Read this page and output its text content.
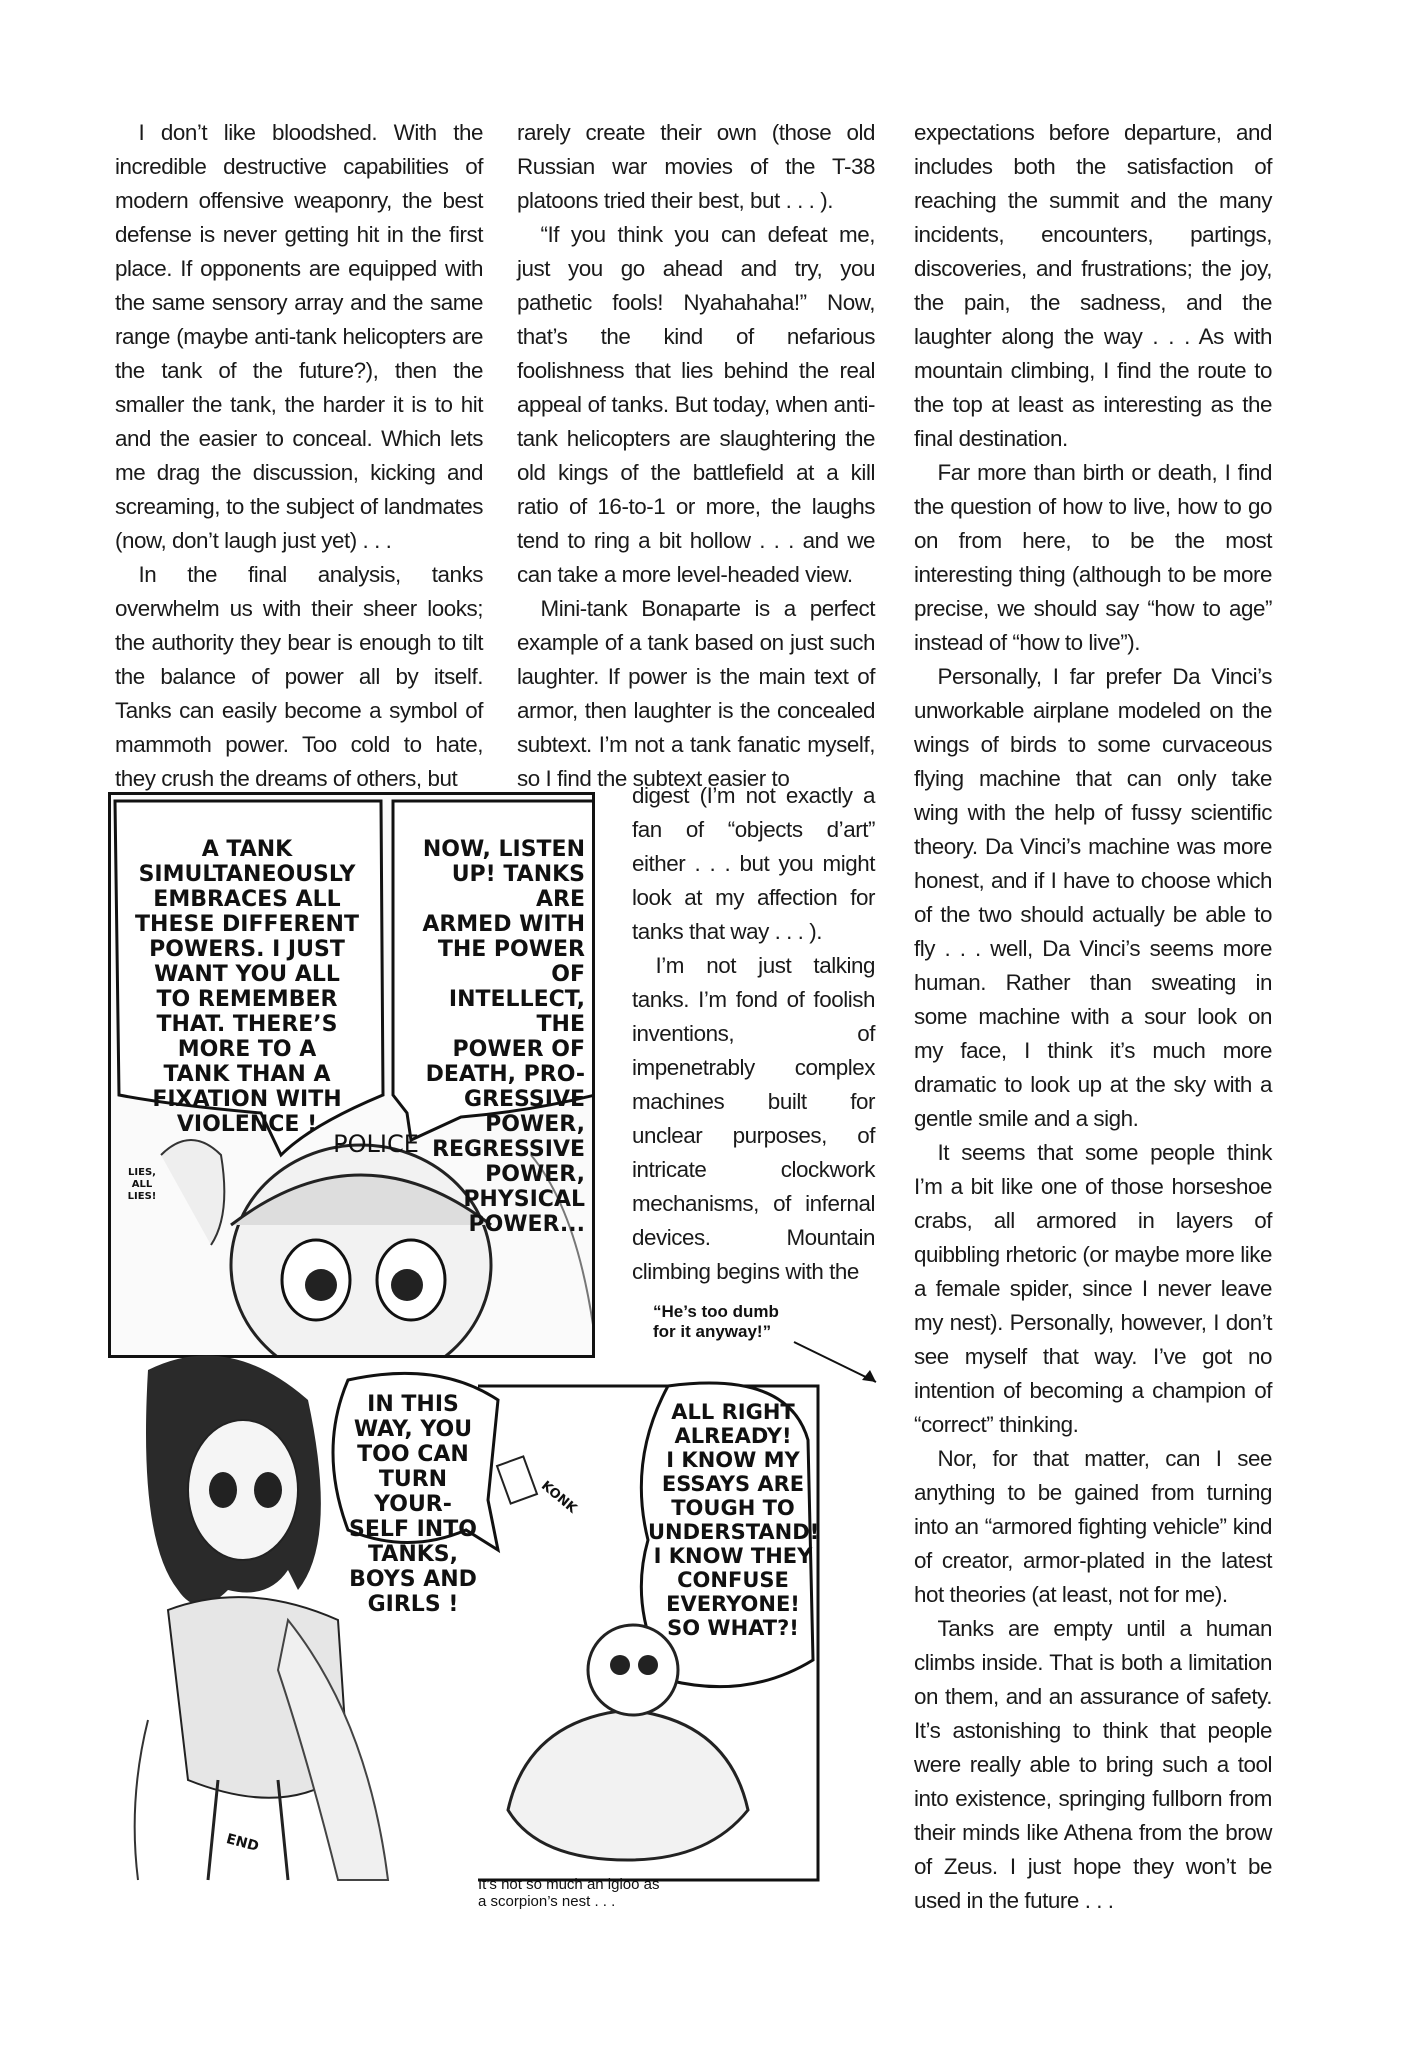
I don’t like bloodshed. With the incredible destructive capabilities of modern offensive weaponry, the best defense is never getting hit in the first place. If opponents are equipped with the same sensory array and the same range (maybe anti-tank helicopters are the tank of the future?), then the smaller the tank, the harder it is to hit and the easier to conceal. Which lets me drag the discussion, kicking and screaming, to the subject of landmates (now, don’t laugh just yet) . . .

In the final analysis, tanks overwhelm us with their sheer looks; the authority they bear is enough to tilt the balance of power all by itself. Tanks can easily become a symbol of mammoth power. Too cold to hate, they crush the dreams of others, but

rarely create their own (those old Russian war movies of the T-38 platoons tried their best, but . . . ).

“If you think you can defeat me, just you go ahead and try, you pathetic fools! Nyahahaha!” Now, that’s the kind of nefarious foolishness that lies behind the real appeal of tanks. But today, when anti-tank helicopters are slaughtering the old kings of the battlefield at a kill ratio of 16-to-1 or more, the laughs tend to ring a bit hollow . . . and we can take a more level-headed view.

Mini-tank Bonaparte is a perfect example of a tank based on just such laughter. If power is the main text of armor, then laughter is the concealed subtext. I’m not a tank fanatic myself, so I find the subtext easier to

digest (I’m not exactly a fan of “objects d’art” either . . . but you might look at my affection for tanks that way . . . ).

I’m not just talking tanks. I’m fond of foolish inventions, of impenetrably complex machines built for unclear purposes, of intricate clockwork mechanisms, of infernal devices. Mountain climbing begins with the

expectations before departure, and includes both the satisfaction of reaching the summit and the many incidents, encounters, partings, discoveries, and frustrations; the joy, the pain, the sadness, and the laughter along the way . . . As with mountain climbing, I find the route to the top at least as interesting as the final destination.

Far more than birth or death, I find the question of how to live, how to go on from here, to be the most interesting thing (although to be more precise, we should say “how to age” instead of “how to live”).

Personally, I far prefer Da Vinci’s unworkable airplane modeled on the wings of birds to some curvaceous flying machine that can only take wing with the help of fussy scientific theory. Da Vinci’s machine was more honest, and if I have to choose which of the two should actually be able to fly . . . well, Da Vinci’s seems more human. Rather than sweating in some machine with a sour look on my face, I think it’s much more dramatic to look up at the sky with a gentle smile and a sigh.

It seems that some people think I’m a bit like one of those horseshoe crabs, all armored in layers of quibbling rhetoric (or maybe more like a female spider, since I never leave my nest). Personally, however, I don’t see myself that way. I’ve got no intention of becoming a champion of “correct” thinking.

Nor, for that matter, can I see anything to be gained from turning into an “armored fighting vehicle” kind of creator, armor-plated in the latest hot theories (at least, not for me).

Tanks are empty until a human climbs inside. That is both a limitation on them, and an assurance of safety. It’s astonishing to think that people were really able to bring such a tool into existence, springing fullborn from their minds like Athena from the brow of Zeus. I just hope they won’t be used in the future . . .

A TANK
SIMULTANEOUSLY
EMBRACES ALL
THESE DIFFERENT
POWERS. I JUST
WANT YOU ALL
TO REMEMBER
THAT. THERE’S
MORE TO A
TANK THAN A
FIXATION WITH
VIOLENCE !
NOW, LISTEN
UP! TANKS ARE
ARMED WITH
THE POWER OF
INTELLECT, THE
POWER OF
DEATH, PRO-
GRESSIVE POWER,
REGRESSIVE
POWER, PHYSICAL
POWER...
POLICE
LIES,
ALL
LIES!
“He’s too dumb
for it anyway!”
IN THIS
WAY, YOU
TOO CAN
TURN YOUR-
SELF INTO
TANKS,
BOYS AND
GIRLS !
ALL RIGHT
ALREADY!
I KNOW MY
ESSAYS ARE
TOUGH TO
UNDERSTAND!
I KNOW THEY
CONFUSE
EVERYONE!
SO WHAT?!
KONK
END
It’s not so much an igloo as
a scorpion’s nest . . .
